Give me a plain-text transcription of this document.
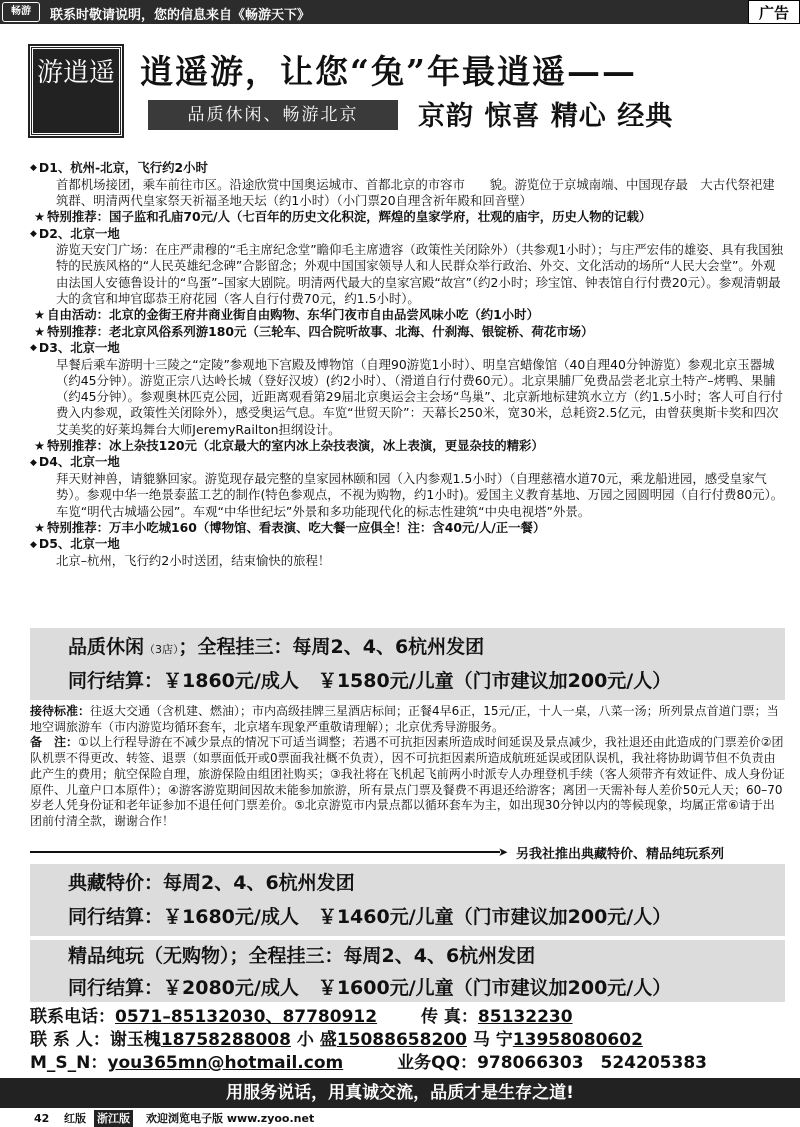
畅游	联系时敬请说明，您的信息来自《畅游天下》	广告
游逍遥 逍遥游，让您“兔”年最逍遥——
品质休闲、畅游北京	京韵 惊喜 精心 经典
◆ D1、杭州-北京，飞行约2小时
首都机场接团，乘车前往市区。沿途欣赏中国奥运城市、首都北京的市容市　　貌。游览位于京城南端、中国现存最　大古代祭祀建筑群、明清两代皇家祭天祈福圣地天坛（约1小时）（小门票20自理含祈年殿和回音壁）
★ 特别推荐：国子监和孔庙70元/人（七百年的历史文化积淀，辉煌的皇家学府，壮观的庙宇，历史人物的记载）
◆ D2、北京一地
游览天安门广场：在庄严肃穆的“毛主席纪念堂”瞻仰毛主席遗容（政策性关闭除外）（共参观1小时）；与庄严宏伟的雄姿、具有我国独特的民族风格的“人民英雄纪念碑”合影留念；外观中国国家领导人和人民群众举行政治、外交、文化活动的场所“人民大会堂”。外观由法国人安德鲁设计的“鸟蛋”–国家大剧院。明清两代最大的皇家宫殿“故宫”（约2小时；珍宝馆、钟表馆自行付费20元）。参观清朝最大的贪官和坤官邸恭王府花园（客人自行付费70元，约1.5小时）。
★ 自由活动：北京的金街王府井商业街自由购物、东华门夜市自由品尝风味小吃（约1小时）
★ 特别推荐：老北京风俗系列游180元（三轮车、四合院听故事、北海、什刹海、银锭桥、荷花市场）
◆ D3、北京一地
早餐后乘车游明十三陵之“定陵”参观地下宫殿及博物馆（自理90游览1小时）、明皇宫蜡像馆（40自理40分钟游览）参观北京玉器城（约45分钟）。游览正宗八达岭长城（登好汉坡）(约2小时）、（滑道自行付费60元）。北京果脯厂免费品尝老北京土特产–烤鸭、果脯（约45分钟）。参观奥林匹克公园，近距离观看第29届北京奥运会主会场“鸟巢”、北京新地标建筑水立方（约1.5小时；客人可自行付费入内参观，政策性关闭除外），感受奥运气息。车览“世贸天阶”：天幕长250米，宽30米，总耗资2.5亿元，由曾获奥斯卡奖和四次艾美奖的好莱坞舞台大师JeremyRailton担纲设计。
★ 特别推荐：冰上杂技120元（北京最大的室内冰上杂技表演，冰上表演，更显杂技的精彩）
◆ D4、北京一地
拜天财神兽，请貔貅回家。游览现存最完整的皇家园林颐和园（入内参观1.5小时）（自理慈禧水道70元，乘龙船进园，感受皇家气势）。参观中华一绝景泰蓝工艺的制作(特色参观点，不视为购物，约1小时)。爱国主义教育基地、万园之园圆明园（自行付费80元）。车览“明代古城墙公园”。车观“中华世纪坛”外景和多功能现代化的标志性建筑“中央电视塔”外景。
★ 特别推荐：万丰小吃城160（博物馆、看表演、吃大餐一应俱全！注：含40元/人/正一餐）
◆ D5、北京一地
北京–杭州，飞行约2小时送团，结束愉快的旅程！
品质休闲（3店）；全程挂三：每周2、4、6杭州发团
同行结算：￥1860元/成人　￥1580元/儿童（门市建议加200元/人）
接待标准：往返大交通（含机建、燃油）；市内高级挂牌三星酒店标间；正餐4早6正，15元/正，十人一桌，八菜一汤；所列景点首道门票；当地空调旅游车（市内游览均循环套车，北京堵车现象严重敬请理解）；北京优秀导游服务。
备　注：①以上行程导游在不减少景点的情况下可适当调整；若遇不可抗拒因素所造成时间延误及景点减少，我社退还由此造成的门票差价②团队机票不得更改、转签、退票（如票面低开或0票面我社概不负责），因不可抗拒因素所造成航班延误或团队误机，我社将协助调节但不负责由此产生的费用；航空保险自理，旅游保险由组团社购买；③我社将在飞机起飞前两小时派专人办理登机手续（客人须带齐有效证件、成人身份证原件、儿童户口本原件）；④游客游览期间因故未能参加旅游，所有景点门票及餐费不再退还给游客；离团一天需补每人差价50元人天；60–70岁老人凭身份证和老年证参加不退任何门票差价。⑤北京游览市内景点都以循环套车为主，如出现30分钟以内的等候现象，均属正常⑥请于出团前付清全款，谢谢合作！
➤ 另我社推出典藏特价、精品纯玩系列
典藏特价：每周2、4、6杭州发团
同行结算：￥1680元/成人　￥1460元/儿童（门市建议加200元/人）
精品纯玩（无购物）；全程挂三：每周2、4、6杭州发团
同行结算：￥2080元/成人　￥1600元/儿童（门市建议加200元/人）
联系电话：0571–85132030、87780912	传 真：85132230
联 系 人：谢玉槐18758288008 小 盛15088658200 马 宁13958080602
M_S_N：you365mn@hotmail.com	业务QQ：978066303　524205383
用服务说话，用真诚交流，品质才是生存之道!
42 红版 浙江版 欢迎浏览电子版 www.zyoo.net
